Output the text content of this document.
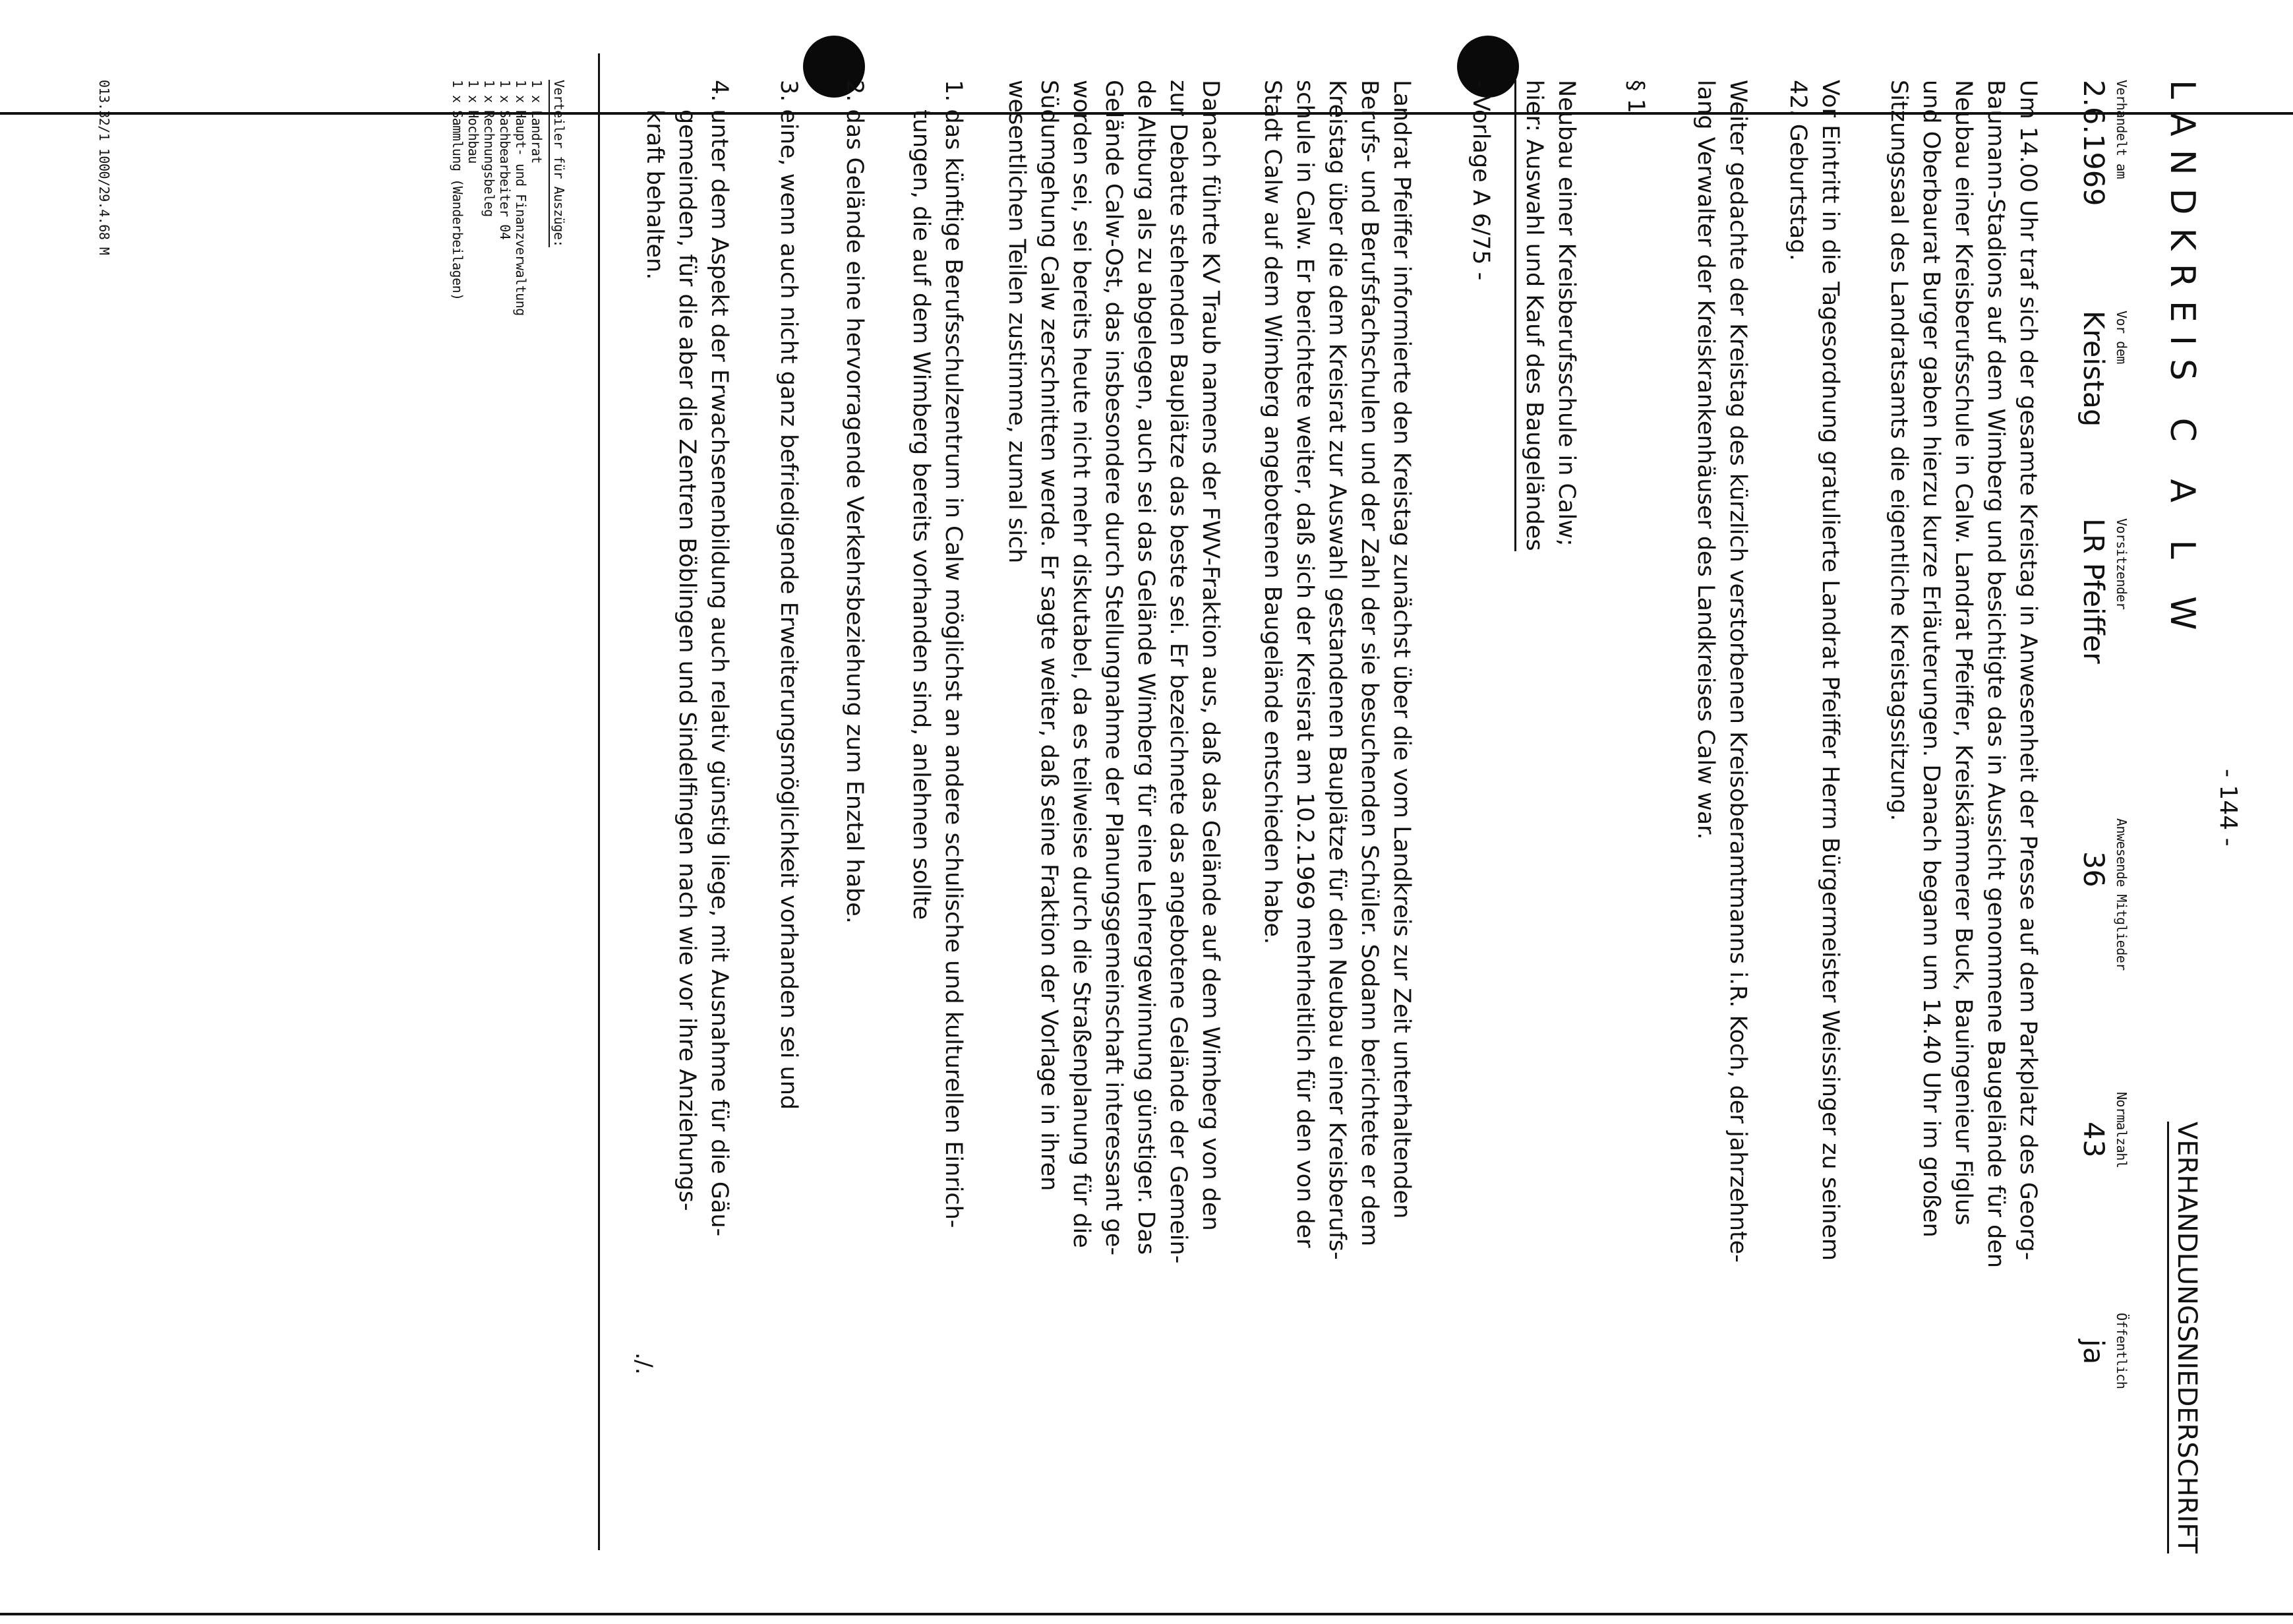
LANDKREIS C A L W
- 144 -
VERHANDLUNGSNIEDERSCHRIFT
Verhandelt am
Vor dem
Vorsitzender
Anwesende Mitglieder
Normalzahl
Öffentlich
2.6.1969
Kreistag
LR Pfeiffer
36
43
ja
Um 14.00 Uhr traf sich der gesamte Kreistag in Anwesenheit der Presse auf dem Parkplatz des Georg-
Baumann-Stadions auf dem Wimberg und besichtigte das in Aussicht genommene Baugelände für den
Neubau einer Kreisberufsschule in Calw. Landrat Pfeiffer, Kreiskämmerer Buck, Bauingenieur Figlus
und Oberbaurat Burger gaben hierzu kurze Erläuterungen. Danach begann um 14.40 Uhr im großen
Sitzungssaal des Landratsamts die eigentliche Kreistagssitzung.
Vor Eintritt in die Tagesordnung gratulierte Landrat Pfeiffer Herrn Bürgermeister Weissinger zu seinem
42. Geburtstag.
Weiter gedachte der Kreistag des kürzlich verstorbenen Kreisoberamtmanns i.R. Koch, der jahrzehnte-
lang Verwalter der Kreiskrankenhäuser des Landkreises Calw war.
§ 1
Neubau einer Kreisberufsschule in Calw;
hier: Auswahl und Kauf des Baugeländes
- Vorlage A 6/75 -
Landrat Pfeiffer informierte den Kreistag zunächst über die vom Landkreis zur Zeit unterhaltenden
Berufs- und Berufsfachschulen und der Zahl der sie besuchenden Schüler. Sodann berichtete er dem
Kreistag über die dem Kreisrat zur Auswahl gestandenen Bauplätze für den Neubau einer Kreisberufs-
schule in Calw. Er berichtete weiter, daß sich der Kreisrat am 10.2.1969 mehrheitlich für den von der
Stadt Calw auf dem Wimberg angebotenen Baugelände entschieden habe.
Danach führte KV Traub namens der FWV-Fraktion aus, daß das Gelände auf dem Wimberg von den
zur Debatte stehenden Bauplätze das beste sei. Er bezeichnete das angebotene Gelände der Gemein-
de Altburg als zu abgelegen, auch sei das Gelände Wimberg für eine Lehrergewinnung günstiger. Das
Gelände Calw-Ost, das insbesondere durch Stellungnahme der Planungsgemeinschaft interessant ge-
worden sei, sei bereits heute nicht mehr diskutabel, da es teilweise durch die Straßenplanung für die
Südumgehung Calw zerschnitten werde. Er sagte weiter, daß seine Fraktion der Vorlage in ihren
wesentlichen Teilen zustimme, zumal sich
1. das künftige Berufsschulzentrum in Calw möglichst an andere schulische und kulturellen Einrich-
tungen, die auf dem Wimberg bereits vorhanden sind, anlehnen sollte
2. das Gelände eine hervorragende Verkehrsbeziehung zum Enztal habe.
3. eine, wenn auch nicht ganz befriedigende Erweiterungsmöglichkeit vorhanden sei und
4. unter dem Aspekt der Erwachsenenbildung auch relativ günstig liege, mit Ausnahme für die Gäu-
gemeinden, für die aber die Zentren Böblingen und Sindelfingen nach wie vor ihre Anziehungs-
kraft behalten.
./.
Verteiler für Auszüge:
1 x Landrat
1 x Haupt- und Finanzverwaltung
1 x Sachbearbeiter 04
1 x Rechnungsbeleg
1 x Hochbau
1 x Sammlung (Wanderbeilagen)
013.32/1 1000/29.4.68 M
